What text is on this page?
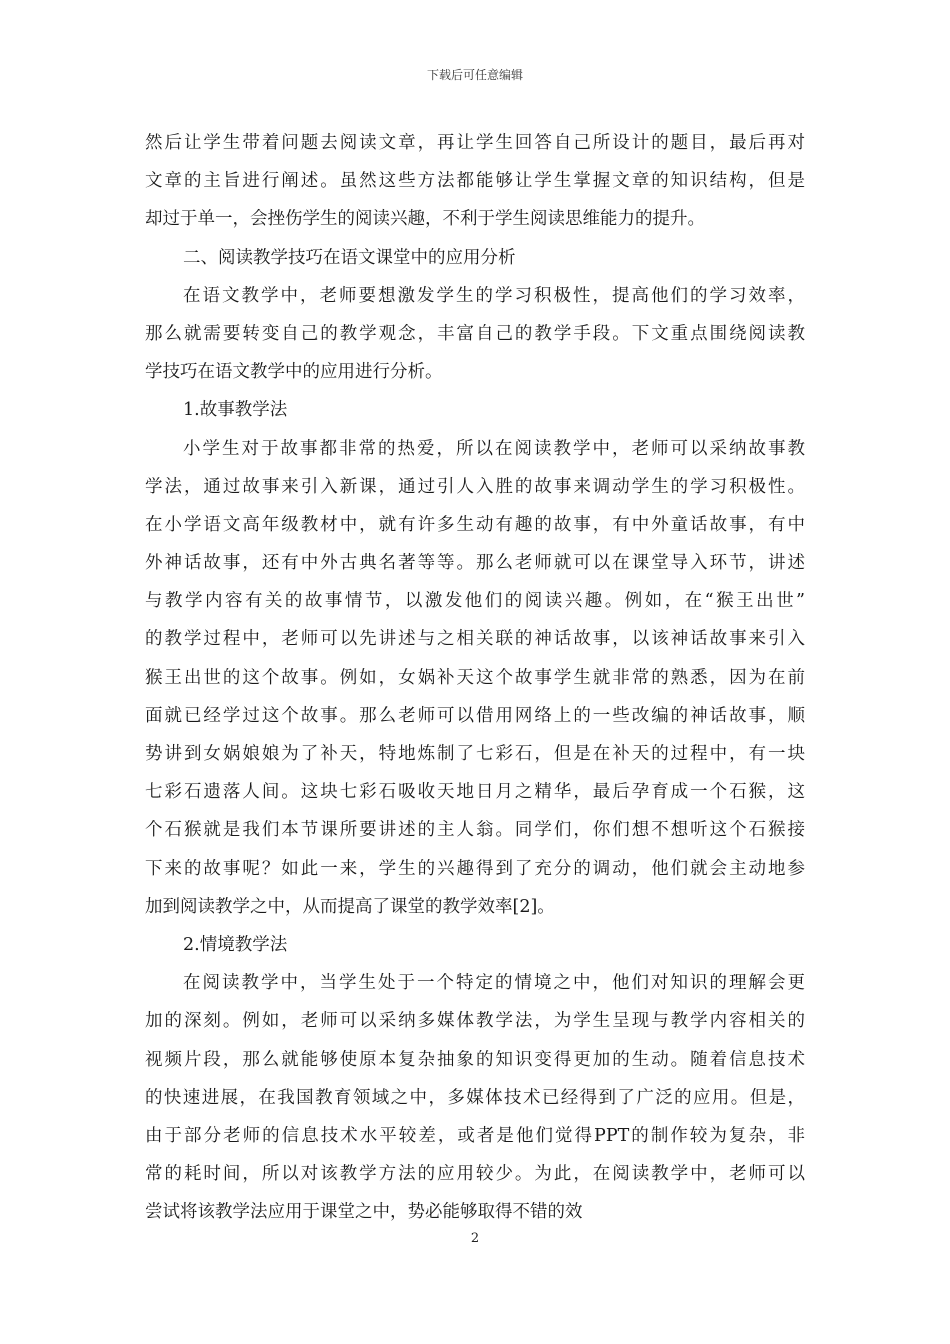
下载后可任意编辑
然后让学生带着问题去阅读文章，再让学生回答自己所设计的题目，最后再对
文章的主旨进行阐述。虽然这些方法都能够让学生掌握文章的知识结构，但是
却过于单一，会挫伤学生的阅读兴趣，不利于学生阅读思维能力的提升。
二、阅读教学技巧在语文课堂中的应用分析
在语文教学中，老师要想激发学生的学习积极性，提高他们的学习效率，
那么就需要转变自己的教学观念，丰富自己的教学手段。下文重点围绕阅读教
学技巧在语文教学中的应用进行分析。
1.故事教学法
小学生对于故事都非常的热爱，所以在阅读教学中，老师可以采纳故事教
学法，通过故事来引入新课，通过引人入胜的故事来调动学生的学习积极性。
在小学语文高年级教材中，就有许多生动有趣的故事，有中外童话故事，有中
外神话故事，还有中外古典名著等等。那么老师就可以在课堂导入环节，讲述
与教学内容有关的故事情节，以激发他们的阅读兴趣。例如，在“猴王出世”
的教学过程中，老师可以先讲述与之相关联的神话故事，以该神话故事来引入
猴王出世的这个故事。例如，女娲补天这个故事学生就非常的熟悉，因为在前
面就已经学过这个故事。那么老师可以借用网络上的一些改编的神话故事，顺
势讲到女娲娘娘为了补天，特地炼制了七彩石，但是在补天的过程中，有一块
七彩石遗落人间。这块七彩石吸收天地日月之精华，最后孕育成一个石猴，这
个石猴就是我们本节课所要讲述的主人翁。同学们，你们想不想听这个石猴接
下来的故事呢？如此一来，学生的兴趣得到了充分的调动，他们就会主动地参
加到阅读教学之中，从而提高了课堂的教学效率[2]。
2.情境教学法
在阅读教学中，当学生处于一个特定的情境之中，他们对知识的理解会更
加的深刻。例如，老师可以采纳多媒体教学法，为学生呈现与教学内容相关的
视频片段，那么就能够使原本复杂抽象的知识变得更加的生动。随着信息技术
的快速进展，在我国教育领域之中，多媒体技术已经得到了广泛的应用。但是，
由于部分老师的信息技术水平较差，或者是他们觉得PPT的制作较为复杂，非
常的耗时间，所以对该教学方法的应用较少。为此，在阅读教学中，老师可以
尝试将该教学法应用于课堂之中，势必能够取得不错的效
2
